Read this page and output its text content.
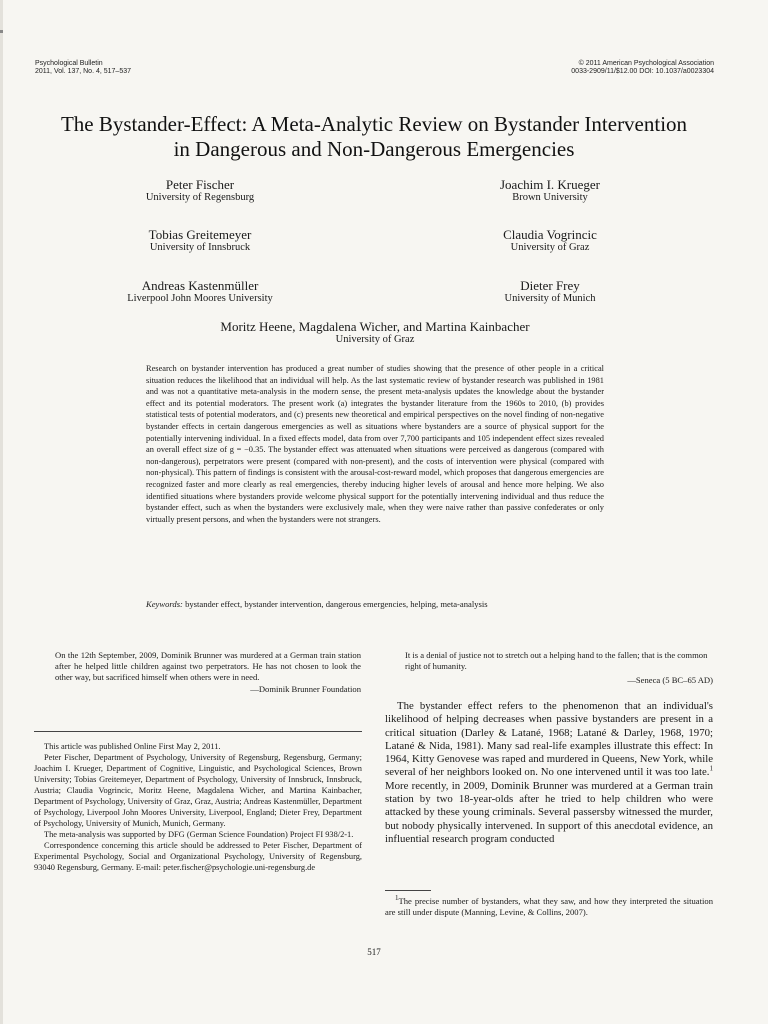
Psychological Bulletin
2011, Vol. 137, No. 4, 517–537
© 2011 American Psychological Association
0033-2909/11/$12.00 DOI: 10.1037/a0023304
The Bystander-Effect: A Meta-Analytic Review on Bystander Intervention
in Dangerous and Non-Dangerous Emergencies
Peter Fischer
University of Regensburg
Joachim I. Krueger
Brown University
Tobias Greitemeyer
University of Innsbruck
Claudia Vogrincic
University of Graz
Andreas Kastenmüller
Liverpool John Moores University
Dieter Frey
University of Munich
Moritz Heene, Magdalena Wicher, and Martina Kainbacher
University of Graz
Research on bystander intervention has produced a great number of studies showing that the presence of other people in a critical situation reduces the likelihood that an individual will help. As the last systematic review of bystander research was published in 1981 and was not a quantitative meta-analysis in the modern sense, the present meta-analysis updates the knowledge about the bystander effect and its potential moderators. The present work (a) integrates the bystander literature from the 1960s to 2010, (b) provides statistical tests of potential moderators, and (c) presents new theoretical and empirical perspectives on the novel finding of non-negative bystander effects in certain dangerous emergencies as well as situations where bystanders are a source of physical support for the potentially intervening individual. In a fixed effects model, data from over 7,700 participants and 105 independent effect sizes revealed an overall effect size of g = −0.35. The bystander effect was attenuated when situations were perceived as dangerous (compared with non-dangerous), perpetrators were present (compared with non-present), and the costs of intervention were physical (compared with non-physical). This pattern of findings is consistent with the arousal-cost-reward model, which proposes that dangerous emergencies are recognized faster and more clearly as real emergencies, thereby inducing higher levels of arousal and hence more helping. We also identified situations where bystanders provide welcome physical support for the potentially intervening individual and thus reduce the bystander effect, such as when the bystanders were exclusively male, when they were naive rather than passive confederates or only virtually present persons, and when the bystanders were not strangers.
Keywords: bystander effect, bystander intervention, dangerous emergencies, helping, meta-analysis
On the 12th September, 2009, Dominik Brunner was murdered at a German train station after he helped little children against two perpetrators. He has not chosen to look the other way, but sacrificed himself when others were in need.
—Dominik Brunner Foundation
It is a denial of justice not to stretch out a helping hand to the fallen; that is the common right of humanity.
—Seneca (5 BC–65 AD)

This article was published Online First May 2, 2011.

Peter Fischer, Department of Psychology, University of Regensburg, Regensburg, Germany; Joachim I. Krueger, Department of Cognitive, Linguistic, and Psychological Sciences, Brown University; Tobias Greitemeyer, Department of Psychology, University of Innsbruck, Innsbruck, Austria; Claudia Vogrincic, Moritz Heene, Magdalena Wicher, and Martina Kainbacher, Department of Psychology, University of Graz, Graz, Austria; Andreas Kastenmüller, Department of Psychology, Liverpool John Moores University, Liverpool, England; Dieter Frey, Department of Psychology, University of Munich, Munich, Germany.

The meta-analysis was supported by DFG (German Science Foundation) Project FI 938/2-1.

Correspondence concerning this article should be addressed to Peter Fischer, Department of Experimental Psychology, Social and Organizational Psychology, University of Regensburg, 93040 Regensburg, Germany. E-mail: peter.fischer@psychologie.uni-regensburg.de

The bystander effect refers to the phenomenon that an individual's likelihood of helping decreases when passive bystanders are present in a critical situation (Darley & Latané, 1968; Latané & Darley, 1968, 1970; Latané & Nida, 1981). Many sad real-life examples illustrate this effect: In 1964, Kitty Genovese was raped and murdered in Queens, New York, while several of her neighbors looked on. No one intervened until it was too late.$^1$ More recently, in 2009, Dominik Brunner was murdered at a German train station by two 18-year-olds after he tried to help children who were attacked by these young criminals. Several passersby witnessed the murder, but nobody physically intervened. In support of this anecdotal evidence, an influential research program conducted

$^1$The precise number of bystanders, what they saw, and how they interpreted the situation are still under dispute (Manning, Levine, & Collins, 2007).

517
